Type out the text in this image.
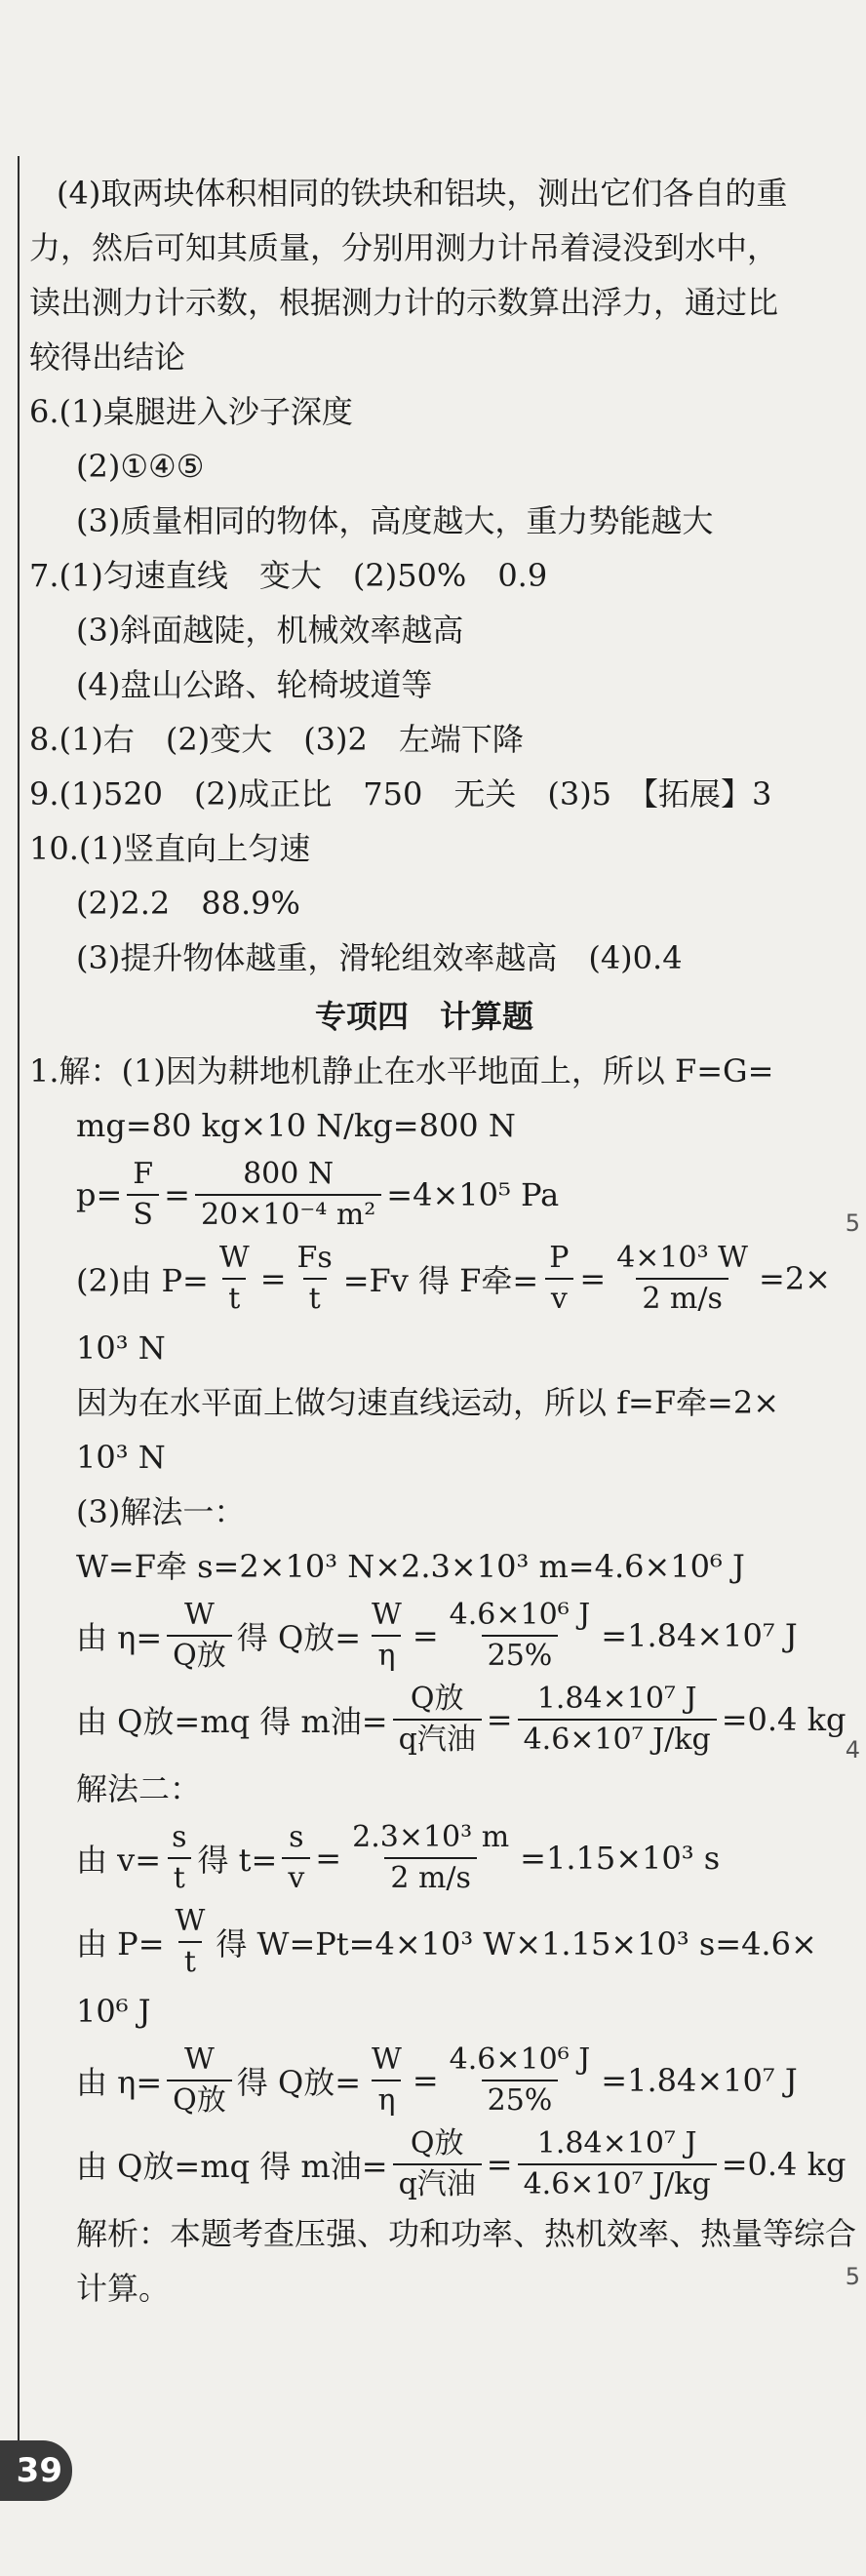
(4)取两块体积相同的铁块和铝块，测出它们各自的重
力，然后可知其质量，分别用测力计吊着浸没到水中，
读出测力计示数，根据测力计的示数算出浮力，通过比
较得出结论
6.(1)桌腿进入沙子深度
(2)①④⑤
(3)质量相同的物体，高度越大，重力势能越大
7.(1)匀速直线　变大　(2)50%　0.9
(3)斜面越陡，机械效率越高
(4)盘山公路、轮椅坡道等
8.(1)右　(2)变大　(3)2　左端下降
9.(1)520　(2)成正比　750　无关　(3)5　【拓展】3
10.(1)竖直向上匀速
(2)2.2　88.9%
(3)提升物体越重，滑轮组效率越高　(4)0.4
专项四　计算题
1.解：(1)因为耕地机静止在水平地面上，所以 F=G=
mg=80 kg×10 N/kg=800 N
$p= \frac{F}{S} = \frac{800 N}{\text{20×10⁻⁴ m²}} =4\times 10^5$ Pa
(2)由 $P= \frac{W}{t} = \frac{Fs}{t} =Fv$ 得 F牵= $\frac{P}{v} = \frac{\text{4×10³ W}}{2 m/s} =2\times$
10³ N
因为在水平面上做匀速直线运动，所以 f=F牵=2×
10³ N
(3)解法一：
W=F牵 s=2×10³ N×2.3×10³ m=4.6×10⁶ J
由 $\eta= \frac{W}{\text{Q放}}$ 得 Q放= $\frac{W}{\eta} = \frac{\text{4.6×10⁶ J}}{25\%} =1.84\times 10^7$ J
由 Q放=mq 得 m油= $\frac{\text{Q放}}{\text{q汽油}} = \frac{\text{1.84×10⁷ J}}{\text{4.6×10⁷ J/kg}} =0.4$ kg
解法二：
由 $v= \frac{s}{t}$ 得 $t= \frac{s}{v} = \frac{\text{2.3×10³ m}}{2 m/s} =1.15\times 10^3$ s
由 $P= \frac{W}{t}$ 得 W=Pt=4×10³ W×1.15×10³ s=4.6×
10⁶ J
由 $\eta= \frac{W}{\text{Q放}}$ 得 Q放= $\frac{W}{\eta} = \frac{\text{4.6×10⁶ J}}{25\%} =1.84\times 10^7$ J
由 Q放=mq 得 m油= $\frac{\text{Q放}}{\text{q汽油}} = \frac{\text{1.84×10⁷ J}}{\text{4.6×10⁷ J/kg}} =0.4$ kg
解析：本题考查压强、功和功率、热机效率、热量等综合
计算。
39
5
4
5
